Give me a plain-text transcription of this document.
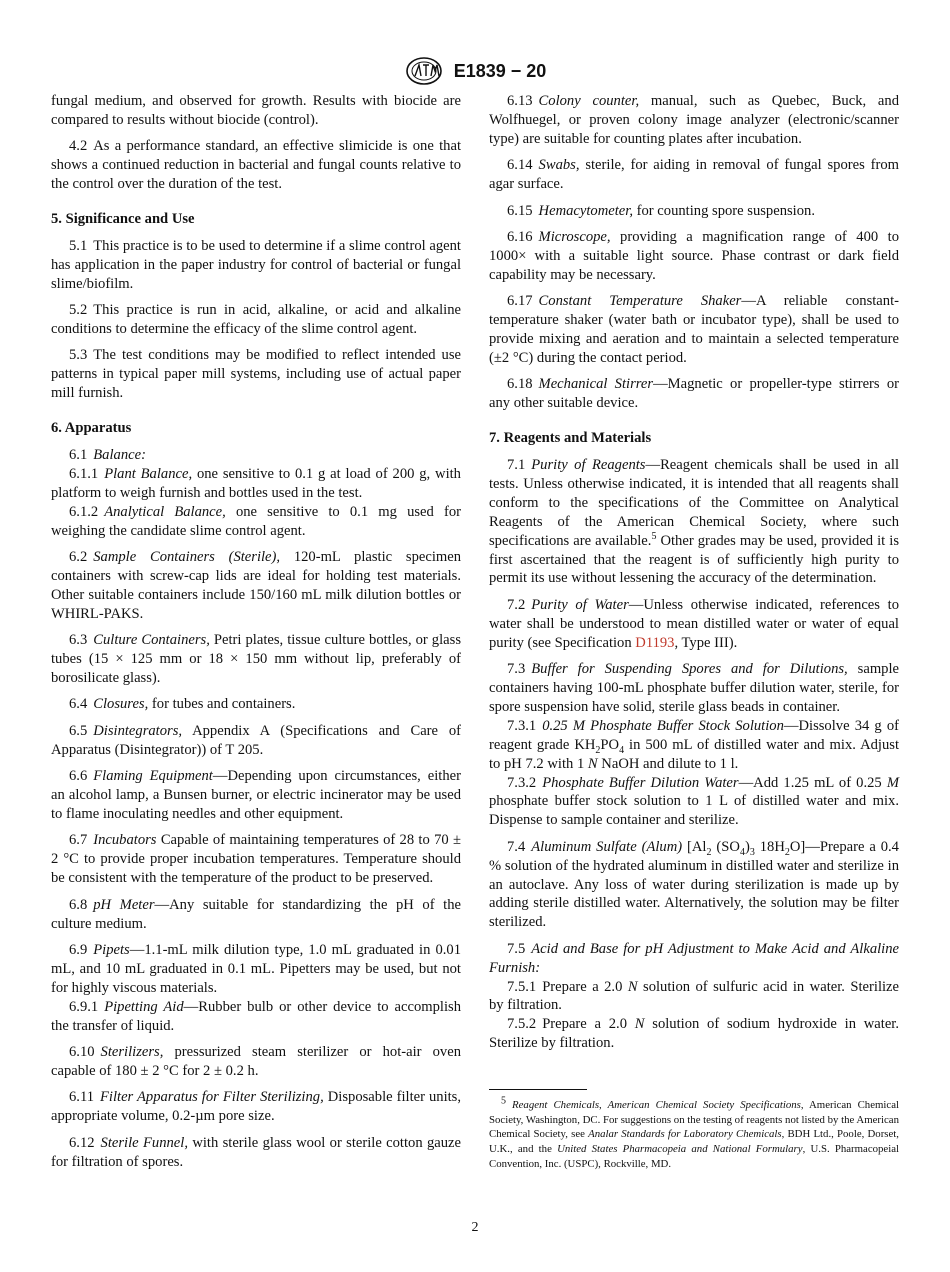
E1839 − 20

fungal medium, and observed for growth. Results with biocide are compared to results without biocide (control).

4.2 As a performance standard, an effective slimicide is one that shows a continued reduction in bacterial and fungal counts relative to the control over the duration of the test.

5. Significance and Use

5.1 This practice is to be used to determine if a slime control agent has application in the paper industry for control of bacterial or fungal slime/biofilm.

5.2 This practice is run in acid, alkaline, or acid and alkaline conditions to determine the efficacy of the slime control agent.

5.3 The test conditions may be modified to reflect intended use patterns in typical paper mill systems, including use of actual paper mill furnish.

6. Apparatus

6.1 Balance:

6.1.1 Plant Balance, one sensitive to 0.1 g at load of 200 g, with platform to weigh furnish and bottles used in the test.

6.1.2 Analytical Balance, one sensitive to 0.1 mg used for weighing the candidate slime control agent.

6.2 Sample Containers (Sterile), 120-mL plastic specimen containers with screw-cap lids are ideal for holding test materials. Other suitable containers include 150/160 mL milk dilution bottles or WHIRL-PAKS.

6.3 Culture Containers, Petri plates, tissue culture bottles, or glass tubes (15 × 125 mm or 18 × 150 mm without lip, preferably of borosilicate glass).

6.4 Closures, for tubes and containers.

6.5 Disintegrators, Appendix A (Specifications and Care of Apparatus (Disintegrator)) of T 205.

6.6 Flaming Equipment—Depending upon circumstances, either an alcohol lamp, a Bunsen burner, or electric incinerator may be used to flame inoculating needles and other equipment.

6.7 Incubators Capable of maintaining temperatures of 28 to 70 ± 2 °C to provide proper incubation temperatures. Temperature should be consistent with the temperature of the product to be preserved.

6.8 pH Meter—Any suitable for standardizing the pH of the culture medium.

6.9 Pipets—1.1-mL milk dilution type, 1.0 mL graduated in 0.01 mL, and 10 mL graduated in 0.1 mL. Pipetters may be used, but not for highly viscous materials.

6.9.1 Pipetting Aid—Rubber bulb or other device to accomplish the transfer of liquid.

6.10 Sterilizers, pressurized steam sterilizer or hot-air oven capable of 180 ± 2 °C for 2 ± 0.2 h.

6.11 Filter Apparatus for Filter Sterilizing, Disposable filter units, appropriate volume, 0.2-µm pore size.

6.12 Sterile Funnel, with sterile glass wool or sterile cotton gauze for filtration of spores.

6.13 Colony counter, manual, such as Quebec, Buck, and Wolfhuegel, or proven colony image analyzer (electronic/scanner type) are suitable for counting plates after incubation.

6.14 Swabs, sterile, for aiding in removal of fungal spores from agar surface.

6.15 Hemacytometer, for counting spore suspension.

6.16 Microscope, providing a magnification range of 400 to 1000× with a suitable light source. Phase contrast or dark field capability may be necessary.

6.17 Constant Temperature Shaker—A reliable constant-temperature shaker (water bath or incubator type), shall be used to provide mixing and aeration and to maintain a selected temperature (±2 °C) during the contact period.

6.18 Mechanical Stirrer—Magnetic or propeller-type stirrers or any other suitable device.

7. Reagents and Materials

7.1 Purity of Reagents—Reagent chemicals shall be used in all tests. Unless otherwise indicated, it is intended that all reagents shall conform to the specifications of the Committee on Analytical Reagents of the American Chemical Society, where such specifications are available.$^5$ Other grades may be used, provided it is first ascertained that the reagent is of sufficiently high purity to permit its use without lessening the accuracy of the determination.

7.2 Purity of Water—Unless otherwise indicated, references to water shall be understood to mean distilled water or water of equal purity (see Specification D1193, Type III).

7.3 Buffer for Suspending Spores and for Dilutions, sample containers having 100-mL phosphate buffer dilution water, sterile, for spore suspension have solid, sterile glass beads in container.

7.3.1 0.25 M Phosphate Buffer Stock Solution—Dissolve 34 g of reagent grade $KH_2PO_4$ in 500 mL of distilled water and mix. Adjust to pH 7.2 with 1 N NaOH and dilute to 1 l.

7.3.2 Phosphate Buffer Dilution Water—Add 1.25 mL of 0.25 M phosphate buffer stock solution to 1 L of distilled water and mix. Dispense to sample container and sterilize.

7.4 Aluminum Sulfate (Alum) [$Al_2$ $(SO_4)_3$ $18H_2O]—Prepare$ a 0.4 % solution of the hydrated aluminum in distilled water and sterilize in an autoclave. Any loss of water during sterilization is made up by adding sterile distilled water. Alternatively, the solution may be filter sterilized.

7.5 Acid and Base for pH Adjustment to Make Acid and Alkaline Furnish:

7.5.1 Prepare a 2.0 N solution of sulfuric acid in water. Sterilize by filtration.

7.5.2 Prepare a 2.0 N solution of sodium hydroxide in water. Sterilize by filtration.

$^5$ Reagent Chemicals, American Chemical Society Specifications, American Chemical Society, Washington, DC. For suggestions on the testing of reagents not listed by the American Chemical Society, see Analar Standards for Laboratory Chemicals, BDH Ltd., Poole, Dorset, U.K., and the United States Pharmacopeia and National Formulary, U.S. Pharmacopeial Convention, Inc. (USPC), Rockville, MD.
2
